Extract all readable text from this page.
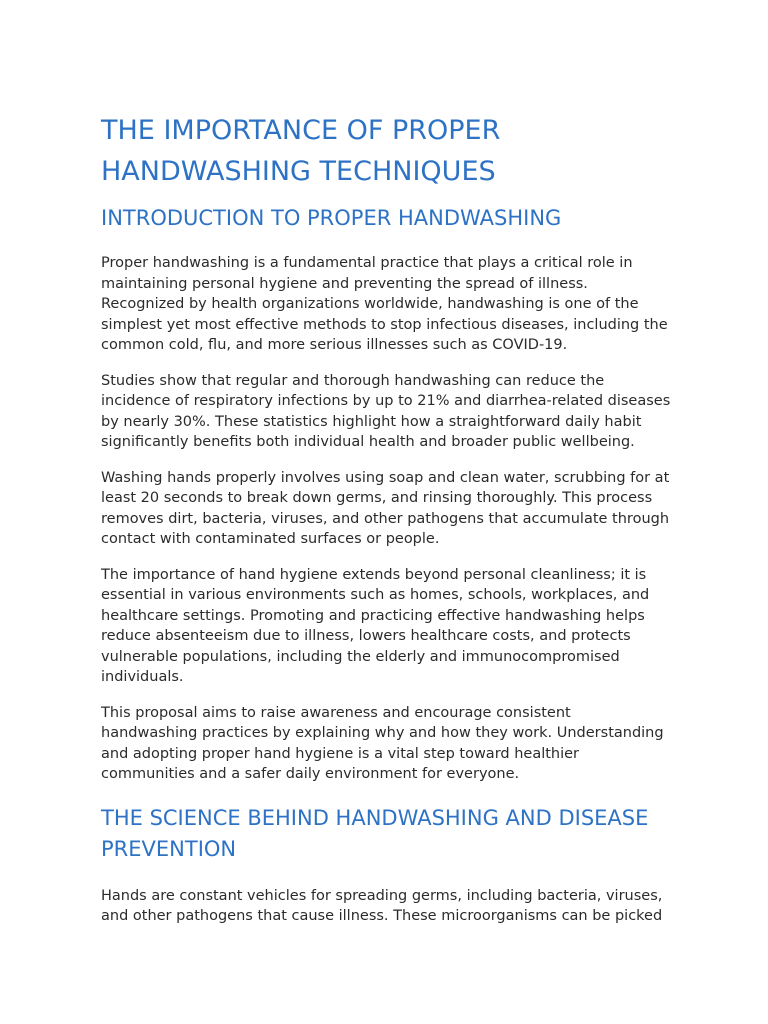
THE IMPORTANCE OF PROPER HANDWASHING TECHNIQUES
INTRODUCTION TO PROPER HANDWASHING

Proper handwashing is a fundamental practice that plays a critical role in maintaining personal hygiene and preventing the spread of illness. Recognized by health organizations worldwide, handwashing is one of the simplest yet most effective methods to stop infectious diseases, including the common cold, flu, and more serious illnesses such as COVID-19.

Studies show that regular and thorough handwashing can reduce the incidence of respiratory infections by up to 21% and diarrhea-related diseases by nearly 30%. These statistics highlight how a straightforward daily habit significantly benefits both individual health and broader public wellbeing.

Washing hands properly involves using soap and clean water, scrubbing for at least 20 seconds to break down germs, and rinsing thoroughly. This process removes dirt, bacteria, viruses, and other pathogens that accumulate through contact with contaminated surfaces or people.

The importance of hand hygiene extends beyond personal cleanliness; it is essential in various environments such as homes, schools, workplaces, and healthcare settings. Promoting and practicing effective handwashing helps reduce absenteeism due to illness, lowers healthcare costs, and protects vulnerable populations, including the elderly and immunocompromised individuals.

This proposal aims to raise awareness and encourage consistent handwashing practices by explaining why and how they work. Understanding and adopting proper hand hygiene is a vital step toward healthier communities and a safer daily environment for everyone.

THE SCIENCE BEHIND HANDWASHING AND DISEASE PREVENTION

Hands are constant vehicles for spreading germs, including bacteria, viruses, and other pathogens that cause illness. These microorganisms can be picked
